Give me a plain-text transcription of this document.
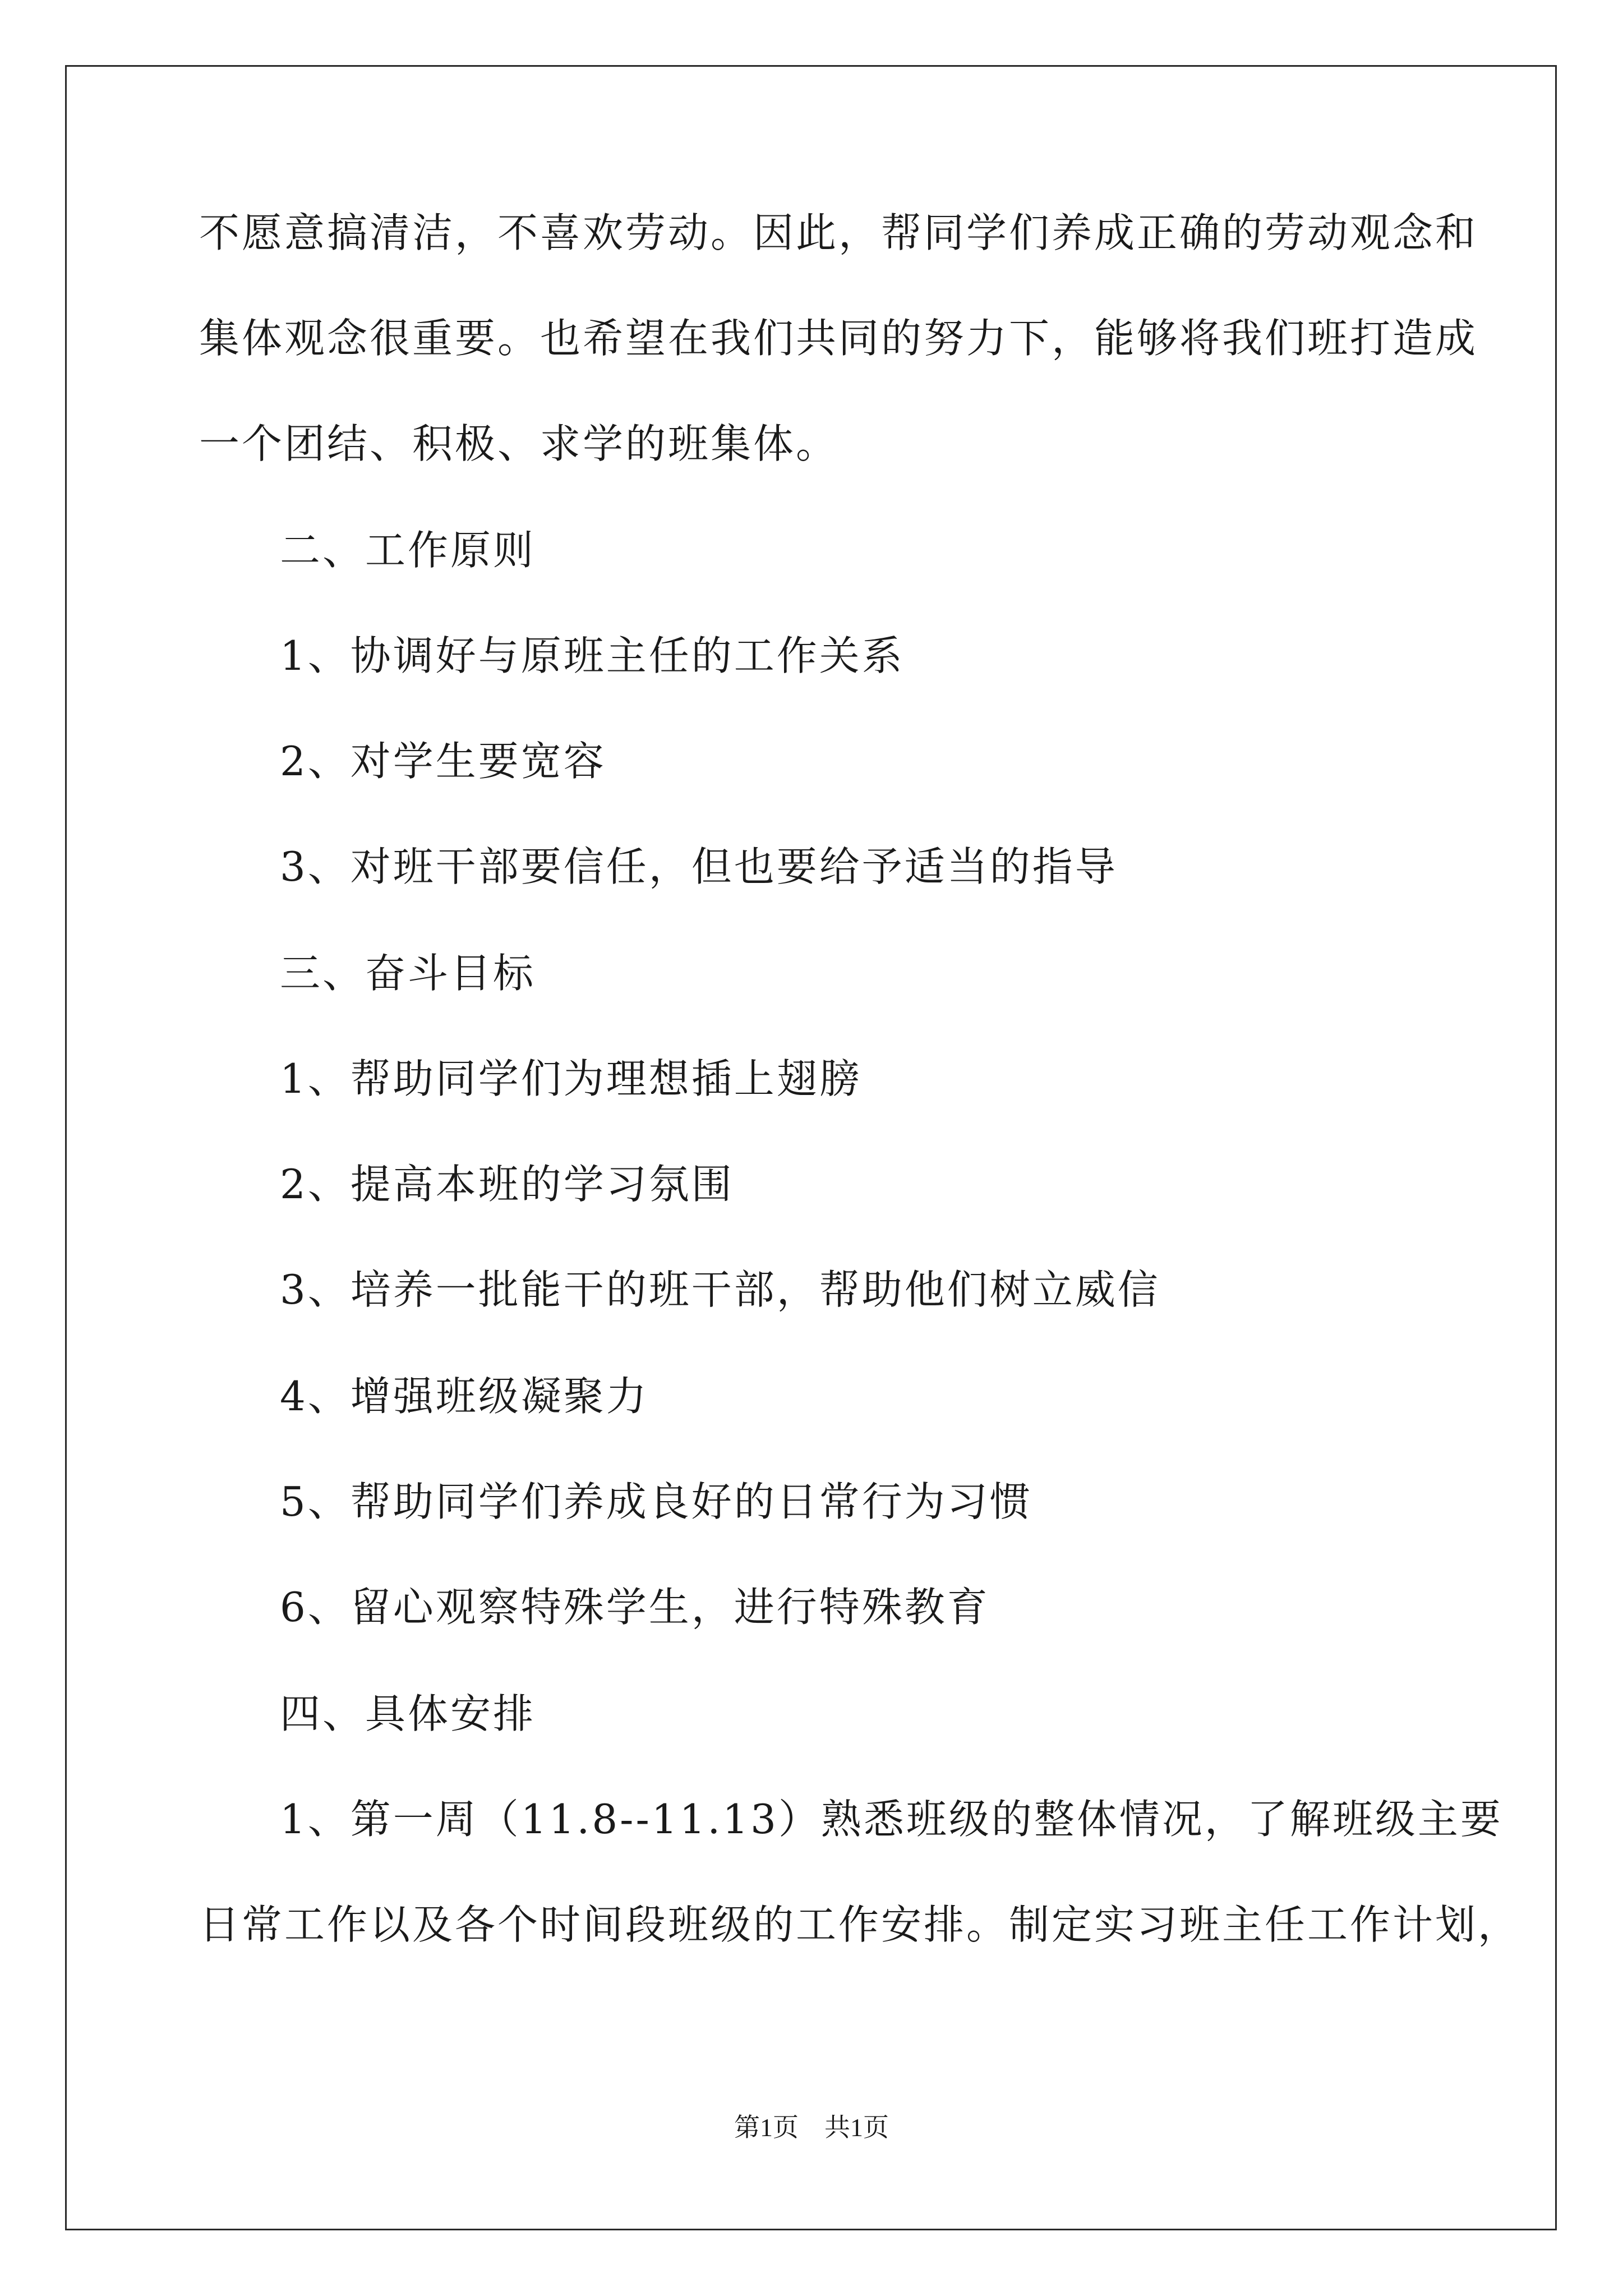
不愿意搞清洁，不喜欢劳动。因此，帮同学们养成正确的劳动观念和
集体观念很重要。也希望在我们共同的努力下，能够将我们班打造成
一个团结、积极、求学的班集体。
二、工作原则
1、协调好与原班主任的工作关系
2、对学生要宽容
3、对班干部要信任，但也要给予适当的指导
三、奋斗目标
1、帮助同学们为理想插上翅膀
2、提高本班的学习氛围
3、培养一批能干的班干部，帮助他们树立威信
4、增强班级凝聚力
5、帮助同学们养成良好的日常行为习惯
6、留心观察特殊学生，进行特殊教育
四、具体安排
1、第一周（11.8--11.13）熟悉班级的整体情况，了解班级主要
日常工作以及各个时间段班级的工作安排。制定实习班主任工作计划，
第1页　共1页
